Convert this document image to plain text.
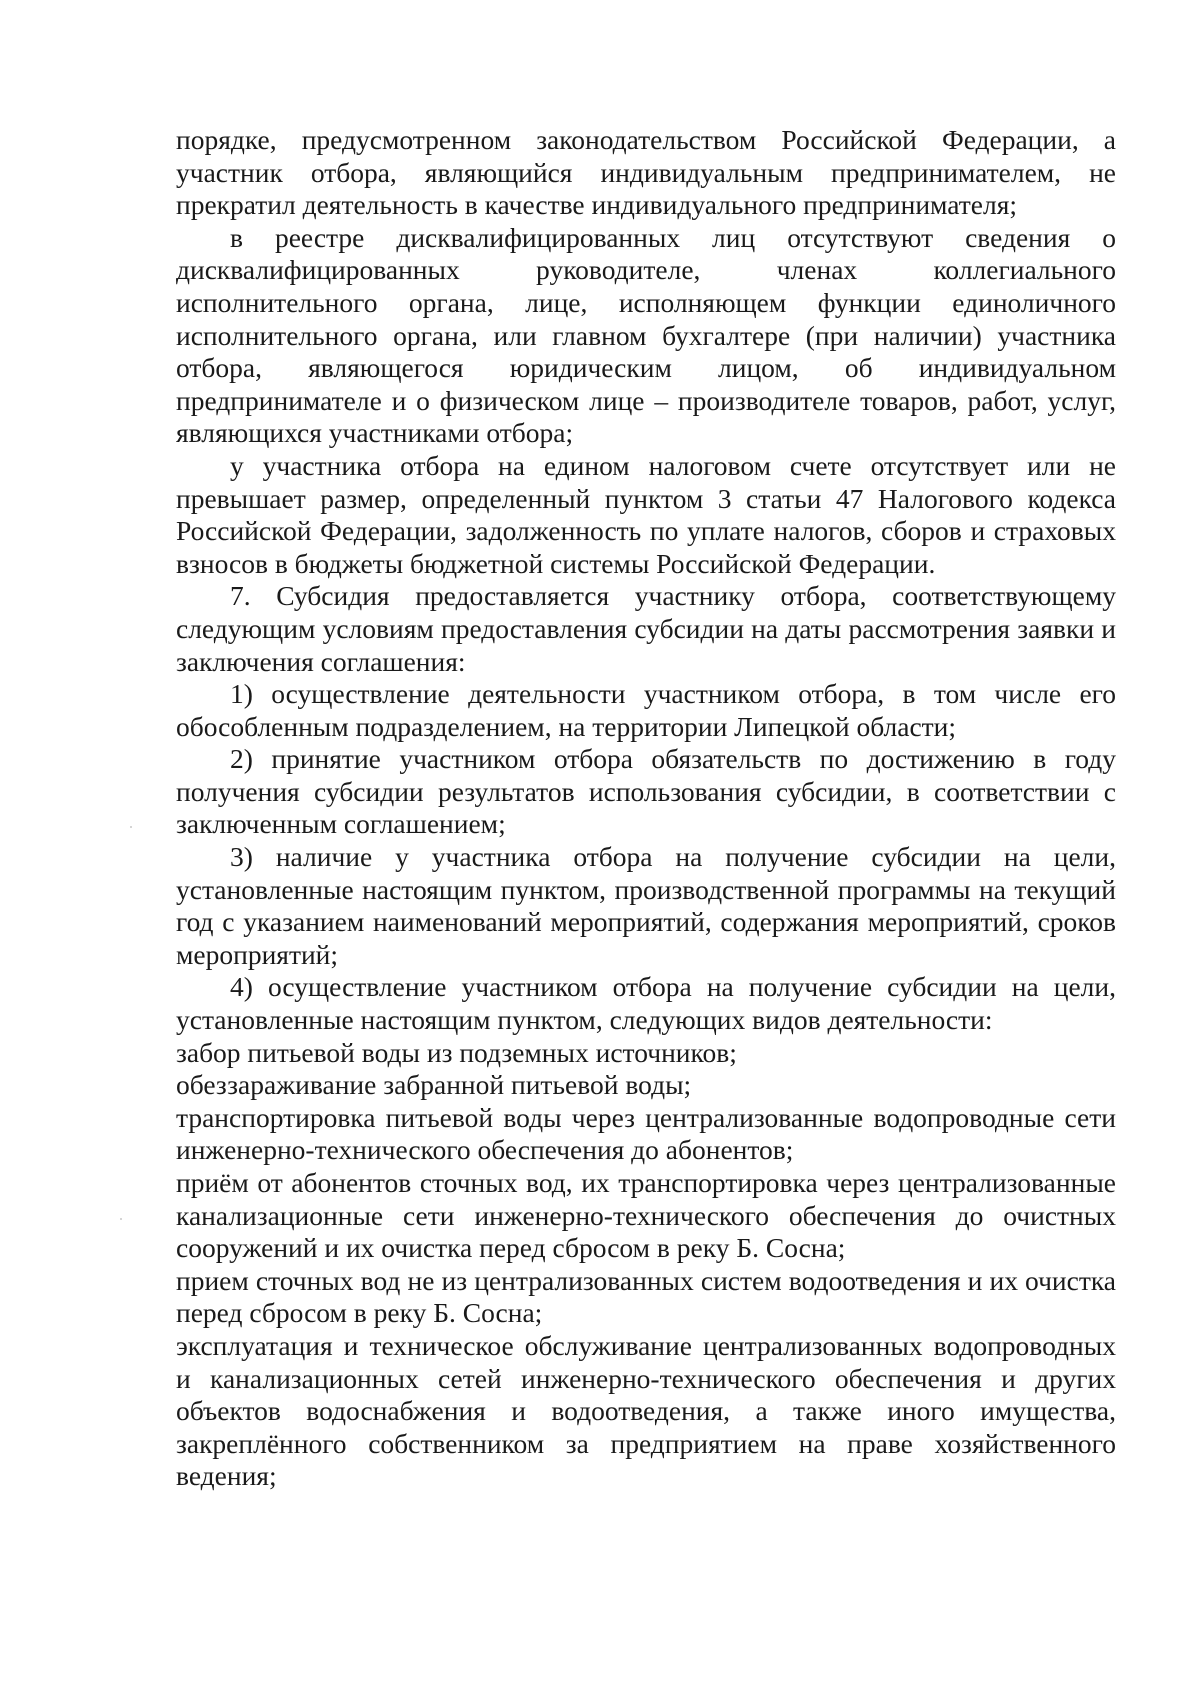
порядке, предусмотренном законодательством Российской Федерации, а участник отбора, являющийся индивидуальным предпринимателем, не прекратил деятельность в качестве индивидуального предпринимателя;

в реестре дисквалифицированных лиц отсутствуют сведения о дисквалифицированных руководителе, членах коллегиального исполнительного органа, лице, исполняющем функции единоличного исполнительного органа, или главном бухгалтере (при наличии) участника отбора, являющегося юридическим лицом, об индивидуальном предпринимателе и о физическом лице – производителе товаров, работ, услуг, являющихся участниками отбора;

у участника отбора на едином налоговом счете отсутствует или не превышает размер, определенный пунктом 3 статьи 47 Налогового кодекса Российской Федерации, задолженность по уплате налогов, сборов и страховых взносов в бюджеты бюджетной системы Российской Федерации.

7. Субсидия предоставляется участнику отбора, соответствующему следующим условиям предоставления субсидии на даты рассмотрения заявки и заключения соглашения:

1) осуществление деятельности участником отбора, в том числе его обособленным подразделением, на территории Липецкой области;

2) принятие участником отбора обязательств по достижению в году получения субсидии результатов использования субсидии, в соответствии с заключенным соглашением;

3) наличие у участника отбора на получение субсидии на цели, установленные настоящим пунктом, производственной программы на текущий год с указанием наименований мероприятий, содержания мероприятий, сроков мероприятий;

4) осуществление участником отбора на получение субсидии на цели, установленные настоящим пунктом, следующих видов деятельности:

забор питьевой воды из подземных источников;

обеззараживание забранной питьевой воды;

транспортировка питьевой воды через централизованные водопроводные сети инженерно-технического обеспечения до абонентов;

приём от абонентов сточных вод, их транспортировка через централизованные канализационные сети инженерно-технического обеспечения до очистных сооружений и их очистка перед сбросом в реку Б. Сосна;

прием сточных вод не из централизованных систем водоотведения и их очистка перед сбросом в реку Б. Сосна;

эксплуатация и техническое обслуживание централизованных водопроводных и канализационных сетей инженерно-технического обеспечения и других объектов водоснабжения и водоотведения, а также иного имущества, закреплённого собственником за предприятием на праве хозяйственного ведения;
